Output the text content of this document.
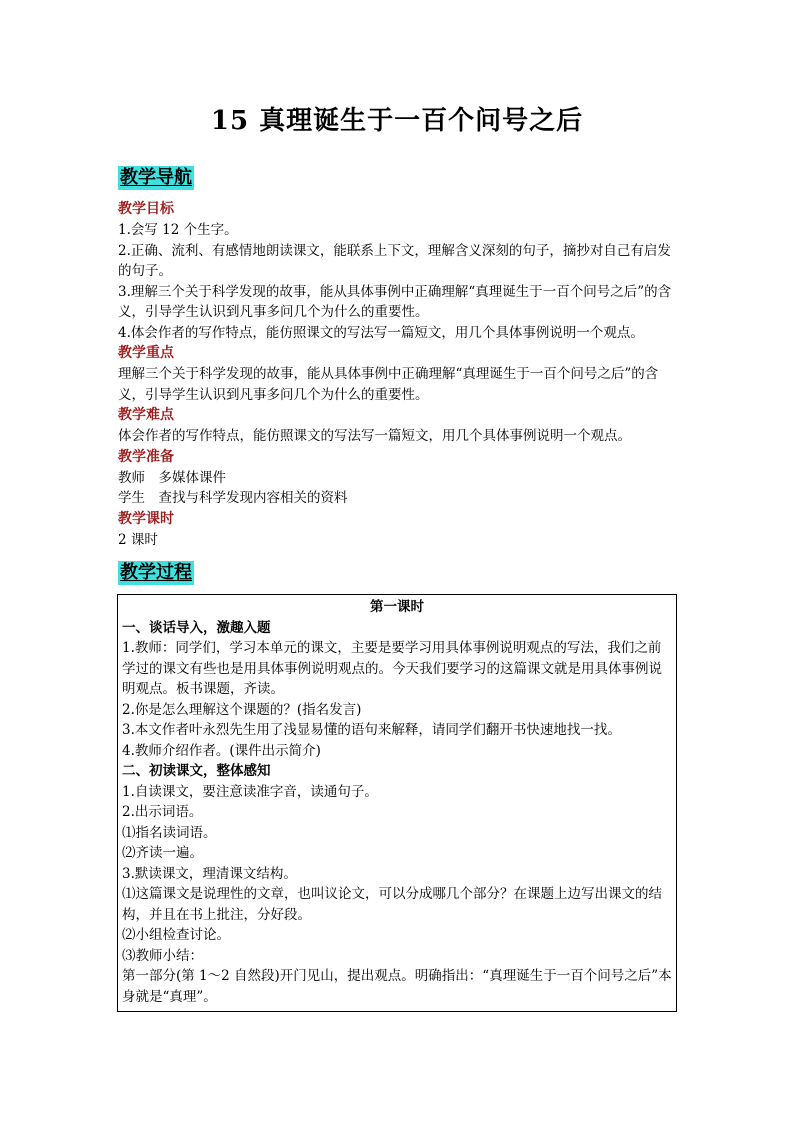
15 真理诞生于一百个问号之后
教学导航
教学目标

1.会写 12 个生字。

2.正确、流利、有感情地朗读课文，能联系上下文，理解含义深刻的句子，摘抄对自己有启发的句子。

3.理解三个关于科学发现的故事，能从具体事例中正确理解“真理诞生于一百个问号之后”的含义，引导学生认识到凡事多问几个为什么的重要性。

4.体会作者的写作特点，能仿照课文的写法写一篇短文，用几个具体事例说明一个观点。

教学重点

理解三个关于科学发现的故事，能从具体事例中正确理解“真理诞生于一百个问号之后”的含义，引导学生认识到凡事多问几个为什么的重要性。

教学难点

体会作者的写作特点，能仿照课文的写法写一篇短文，用几个具体事例说明一个观点。

教学准备

教师　多媒体课件

学生　查找与科学发现内容相关的资料

教学课时

2 课时

教学过程
第一课时

一、谈话导入，激趣入题

1.教师：同学们，学习本单元的课文，主要是要学习用具体事例说明观点的写法，我们之前学过的课文有些也是用具体事例说明观点的。今天我们要学习的这篇课文就是用具体事例说明观点。板书课题，齐读。

2.你是怎么理解这个课题的？(指名发言)

3.本文作者叶永烈先生用了浅显易懂的语句来解释，请同学们翻开书快速地找一找。

4.教师介绍作者。(课件出示简介)

二、初读课文，整体感知

1.自读课文，要注意读准字音，读通句子。

2.出示词语。

⑴指名读词语。

⑵齐读一遍。

3.默读课文，理清课文结构。

⑴这篇课文是说理性的文章，也叫议论文，可以分成哪几个部分？在课题上边写出课文的结构，并且在书上批注，分好段。

⑵小组检查讨论。

⑶教师小结：

第一部分(第 1～2 自然段)开门见山，提出观点。明确指出：“真理诞生于一百个问号之后”本身就是“真理”。
